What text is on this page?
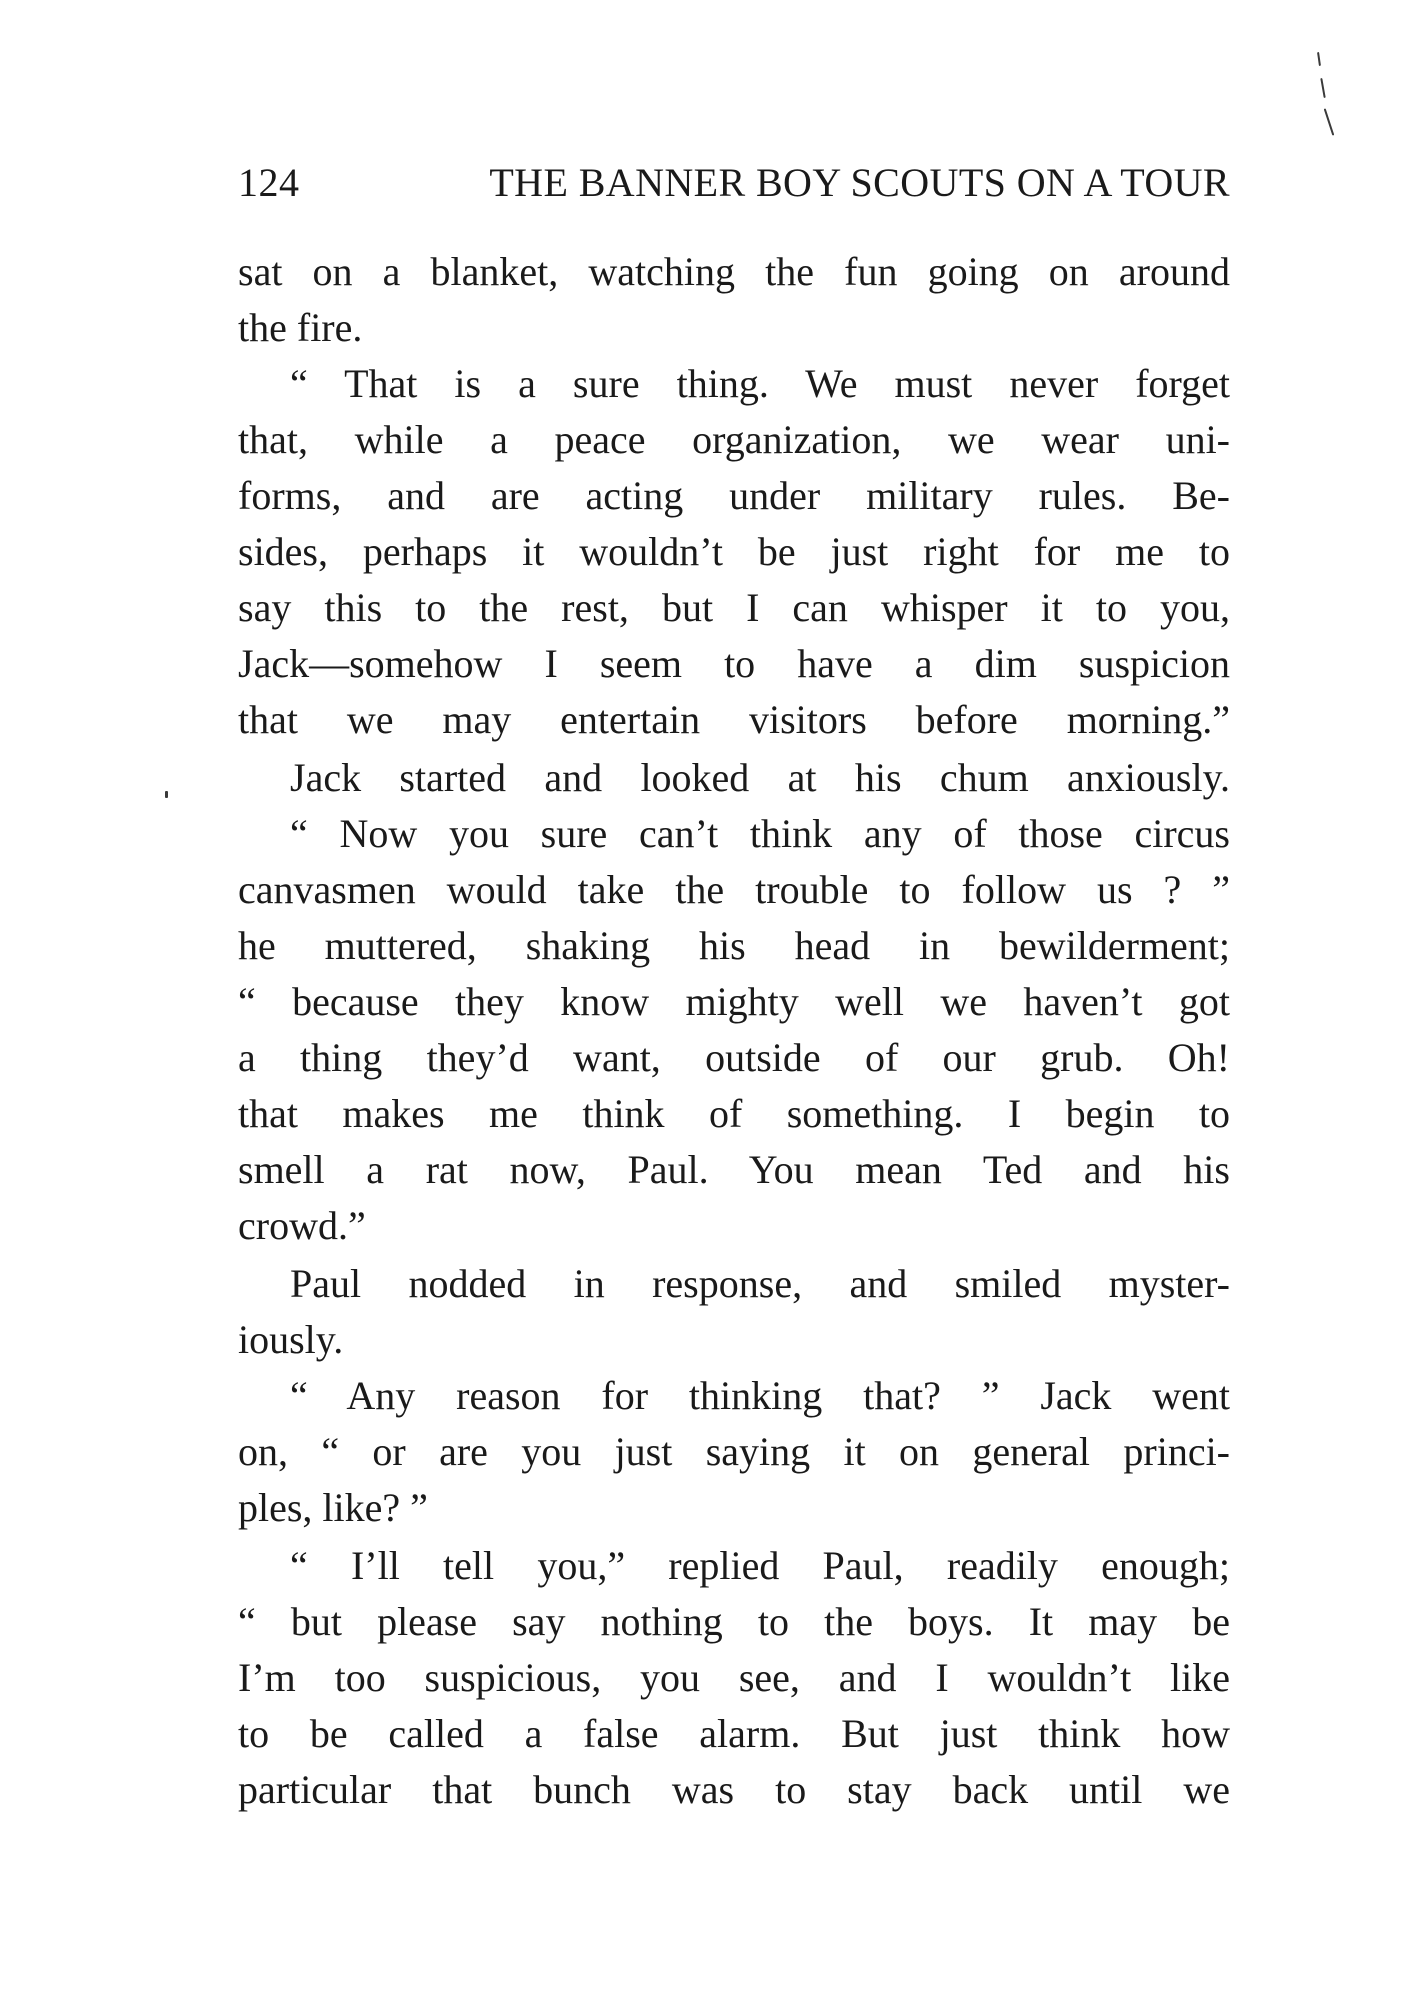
124	THE BANNER BOY SCOUTS ON A TOUR
sat on a blanket, watching the fun going on around
the fire.
“ That is a sure thing. We must never forget
that, while a peace organization, we wear uni-
forms, and are acting under military rules. Be-
sides, perhaps it wouldn’t be just right for me to
say this to the rest, but I can whisper it to you,
Jack—somehow I seem to have a dim suspicion
that we may entertain visitors before morning.”
Jack started and looked at his chum anxiously.
“ Now you sure can’t think any of those circus
canvasmen would take the trouble to follow us ? ”
he muttered, shaking his head in bewilderment;
“ because they know mighty well we haven’t got
a thing they’d want, outside of our grub. Oh!
that makes me think of something. I begin to
smell a rat now, Paul. You mean Ted and his
crowd.”
Paul nodded in response, and smiled myster-
iously.
“ Any reason for thinking that? ” Jack went
on, “ or are you just saying it on general princi-
ples, like? ”
“ I’ll tell you,” replied Paul, readily enough;
“ but please say nothing to the boys. It may be
I’m too suspicious, you see, and I wouldn’t like
to be called a false alarm. But just think how
particular that bunch was to stay back until we
